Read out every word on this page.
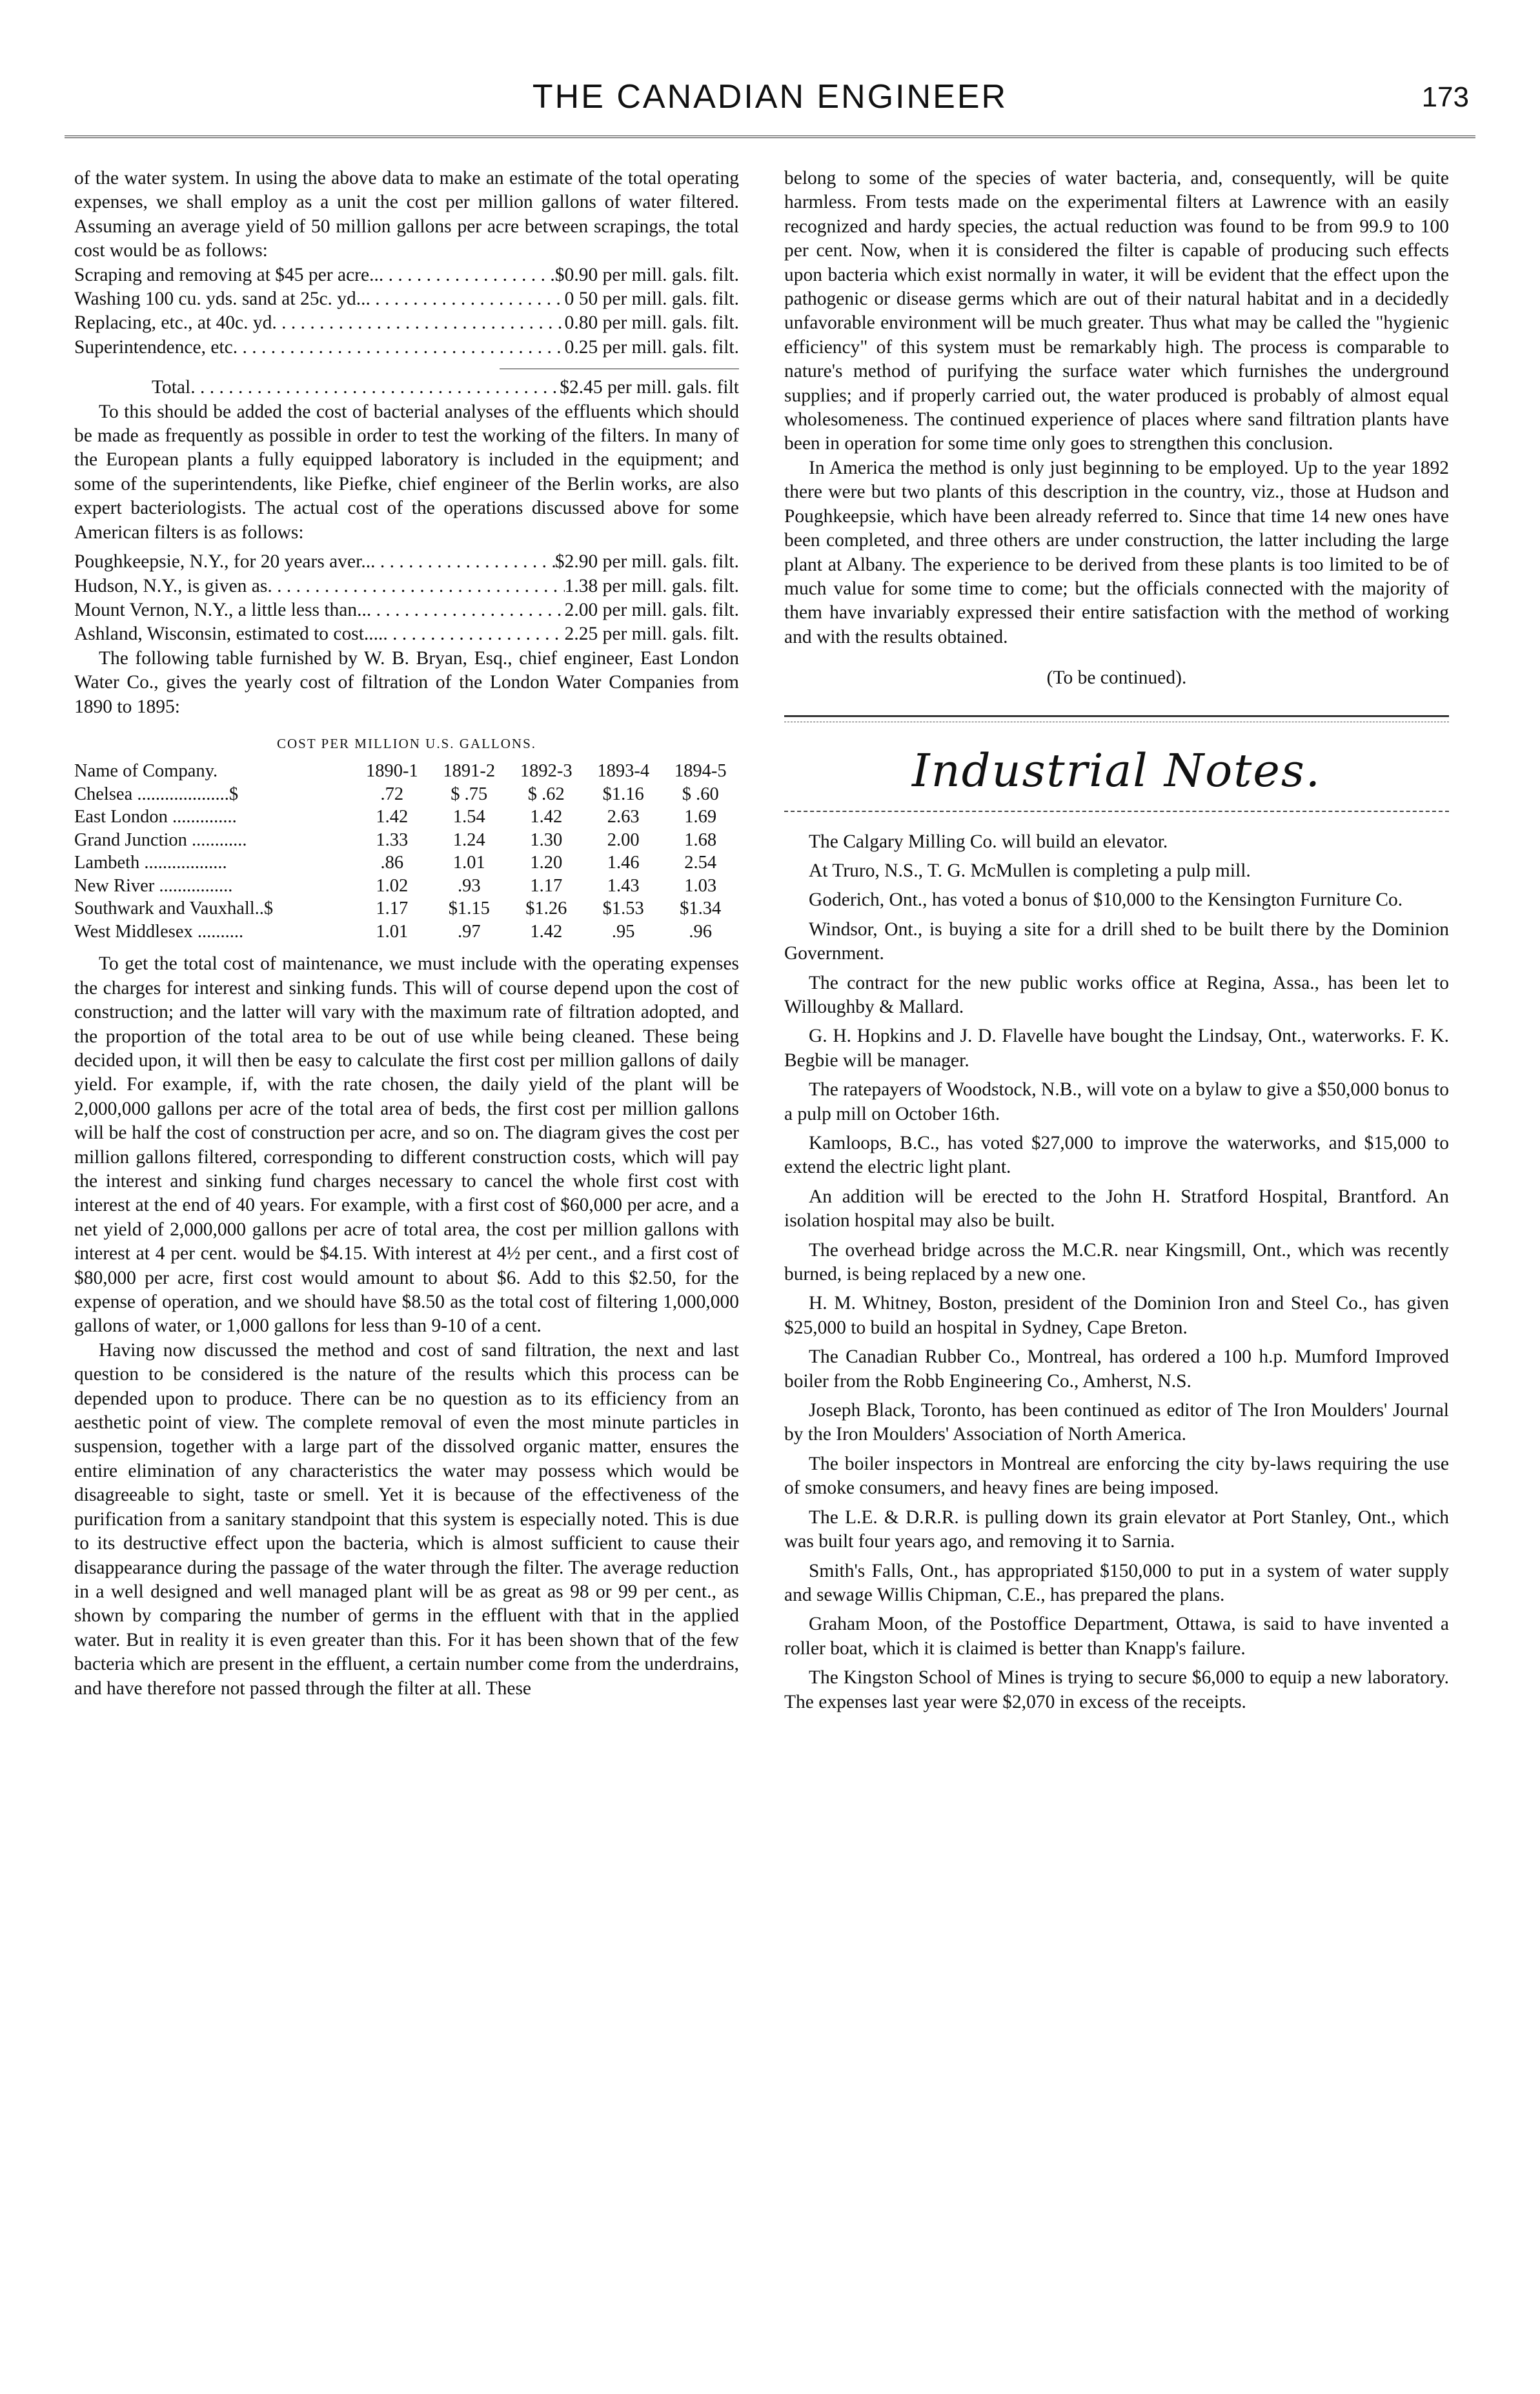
THE CANADIAN ENGINEER	173

of the water system. In using the above data to make an estimate of the total operating expenses, we shall employ as a unit the cost per million gallons of water filtered. Assuming an average yield of 50 million gallons per acre between scrapings, the total cost would be as follows:

Scraping and removing at $45 per acre.. . . .	$0.90 per mill. gals. filt.
Washing 100 cu. yds. sand at 25c. yd.. . . .	0 50 per mill. gals. filt.
Replacing, etc., at 40c. yd . . .	0.80 per mill. gals. filt.
Superintendence, etc . . .	0.25 per mill. gals. filt.
Total . . .	$2.45 per mill. gals. filt

To this should be added the cost of bacterial analyses of the effluents which should be made as frequently as possible in order to test the working of the filters. In many of the European plants a fully equipped laboratory is included in the equipment; and some of the superintendents, like Piefke, chief engineer of the Berlin works, are also expert bacteriologists. The actual cost of the operations discussed above for some American filters is as follows:

Poughkeepsie, N.Y., for 20 years aver.. . . .	$2.90 per mill. gals. filt.
Hudson, N.Y., is given as . . .	1.38 per mill. gals. filt.
Mount Vernon, N.Y., a little less than.. . . .	2.00 per mill. gals. filt.
Ashland, Wisconsin, estimated to cost.... . . .	2.25 per mill. gals. filt.

The following table furnished by W. B. Bryan, Esq., chief engineer, East London Water Co., gives the yearly cost of filtration of the London Water Companies from 1890 to 1895:

COST PER MILLION U.S. GALLONS.
Name of Company.	1890-1	1891-2	1892-3	1893-4	1894-5
Chelsea ....................$	.72	$ .75	$ .62	$1.16	$ .60
East London ..............	1.42	1.54	1.42	2.63	1.69
Grand Junction ............	1.33	1.24	1.30	2.00	1.68
Lambeth ..................	.86	1.01	1.20	1.46	2.54
New River ................	1.02	.93	1.17	1.43	1.03
Southwark and Vauxhall..$	1.17	$1.15	$1.26	$1.53	$1.34
West Middlesex ..........	1.01	.97	1.42	.95	.96

To get the total cost of maintenance, we must include with the operating expenses the charges for interest and sinking funds. This will of course depend upon the cost of construction; and the latter will vary with the maximum rate of filtration adopted, and the proportion of the total area to be out of use while being cleaned. These being decided upon, it will then be easy to calculate the first cost per million gallons of daily yield. For example, if, with the rate chosen, the daily yield of the plant will be 2,000,000 gallons per acre of the total area of beds, the first cost per million gallons will be half the cost of construction per acre, and so on. The diagram gives the cost per million gallons filtered, corresponding to different construction costs, which will pay the interest and sinking fund charges necessary to cancel the whole first cost with interest at the end of 40 years. For example, with a first cost of $60,000 per acre, and a net yield of 2,000,000 gallons per acre of total area, the cost per million gallons with interest at 4 per cent. would be $4.15. With interest at 4½ per cent., and a first cost of $80,000 per acre, first cost would amount to about $6. Add to this $2.50, for the expense of operation, and we should have $8.50 as the total cost of filtering 1,000,000 gallons of water, or 1,000 gallons for less than 9-10 of a cent.

Having now discussed the method and cost of sand filtration, the next and last question to be considered is the nature of the results which this process can be depended upon to produce. There can be no question as to its efficiency from an aesthetic point of view. The complete removal of even the most minute particles in suspension, together with a large part of the dissolved organic matter, ensures the entire elimination of any characteristics the water may possess which would be disagreeable to sight, taste or smell. Yet it is because of the effectiveness of the purification from a sanitary standpoint that this system is especially noted. This is due to its destructive effect upon the bacteria, which is almost sufficient to cause their disappearance during the passage of the water through the filter. The average reduction in a well designed and well managed plant will be as great as 98 or 99 per cent., as shown by comparing the number of germs in the effluent with that in the applied water. But in reality it is even greater than this. For it has been shown that of the few bacteria which are present in the effluent, a certain number come from the underdrains, and have therefore not passed through the filter at all. These

belong to some of the species of water bacteria, and, consequently, will be quite harmless. From tests made on the experimental filters at Lawrence with an easily recognized and hardy species, the actual reduction was found to be from 99.9 to 100 per cent. Now, when it is considered the filter is capable of producing such effects upon bacteria which exist normally in water, it will be evident that the effect upon the pathogenic or disease germs which are out of their natural habitat and in a decidedly unfavorable environment will be much greater. Thus what may be called the "hygienic efficiency" of this system must be remarkably high. The process is comparable to nature's method of purifying the surface water which furnishes the underground supplies; and if properly carried out, the water produced is probably of almost equal wholesomeness. The continued experience of places where sand filtration plants have been in operation for some time only goes to strengthen this conclusion.

In America the method is only just beginning to be employed. Up to the year 1892 there were but two plants of this description in the country, viz., those at Hudson and Poughkeepsie, which have been already referred to. Since that time 14 new ones have been completed, and three others are under construction, the latter including the large plant at Albany. The experience to be derived from these plants is too limited to be of much value for some time to come; but the officials connected with the majority of them have invariably expressed their entire satisfaction with the method of working and with the results obtained.

(To be continued).
Industrial Notes.

The Calgary Milling Co. will build an elevator.

At Truro, N.S., T. G. McMullen is completing a pulp mill.

Goderich, Ont., has voted a bonus of $10,000 to the Kensington Furniture Co.

Windsor, Ont., is buying a site for a drill shed to be built there by the Dominion Government.

The contract for the new public works office at Regina, Assa., has been let to Willoughby & Mallard.

G. H. Hopkins and J. D. Flavelle have bought the Lindsay, Ont., waterworks. F. K. Begbie will be manager.

The ratepayers of Woodstock, N.B., will vote on a bylaw to give a $50,000 bonus to a pulp mill on October 16th.

Kamloops, B.C., has voted $27,000 to improve the waterworks, and $15,000 to extend the electric light plant.

An addition will be erected to the John H. Stratford Hospital, Brantford. An isolation hospital may also be built.

The overhead bridge across the M.C.R. near Kingsmill, Ont., which was recently burned, is being replaced by a new one.

H. M. Whitney, Boston, president of the Dominion Iron and Steel Co., has given $25,000 to build an hospital in Sydney, Cape Breton.

The Canadian Rubber Co., Montreal, has ordered a 100 h.p. Mumford Improved boiler from the Robb Engineering Co., Amherst, N.S.

Joseph Black, Toronto, has been continued as editor of The Iron Moulders' Journal by the Iron Moulders' Association of North America.

The boiler inspectors in Montreal are enforcing the city by-laws requiring the use of smoke consumers, and heavy fines are being imposed.

The L.E. & D.R.R. is pulling down its grain elevator at Port Stanley, Ont., which was built four years ago, and removing it to Sarnia.

Smith's Falls, Ont., has appropriated $150,000 to put in a system of water supply and sewage Willis Chipman, C.E., has prepared the plans.

Graham Moon, of the Postoffice Department, Ottawa, is said to have invented a roller boat, which it is claimed is better than Knapp's failure.

The Kingston School of Mines is trying to secure $6,000 to equip a new laboratory. The expenses last year were $2,070 in excess of the receipts.
